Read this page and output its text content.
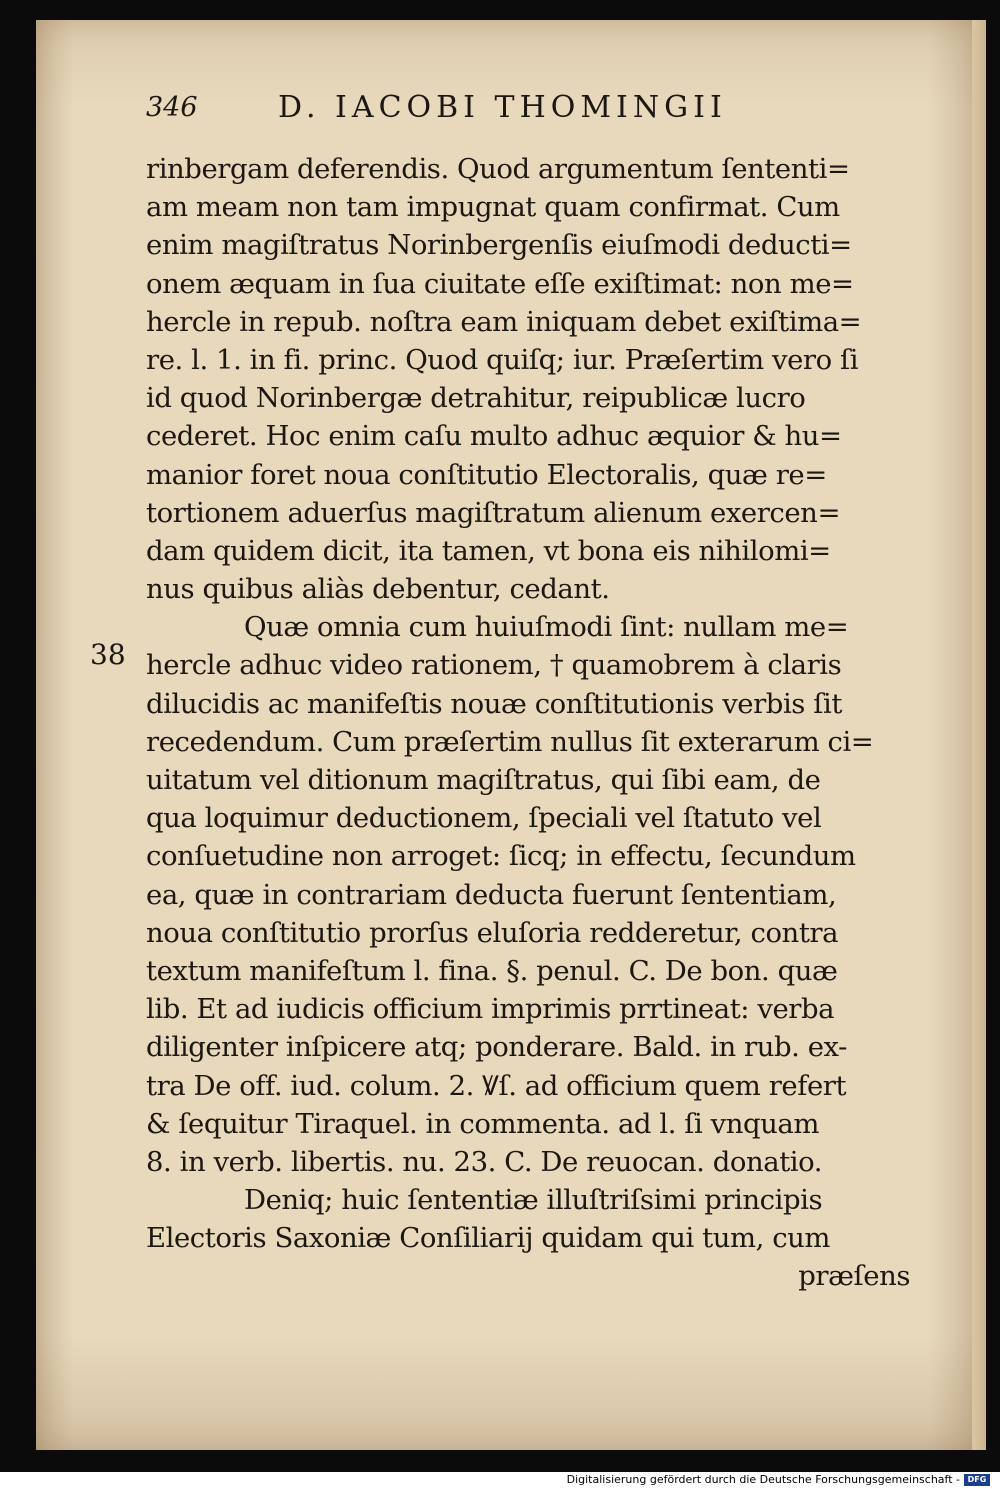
346	D. IACOBI THOMINGII
38
rinbergam deferendis. Quod argumentum ſententi=
am meam non tam impugnat quam confirmat. Cum
enim magiſtratus Norinbergenſis eiuſmodi deducti=
onem æquam in ſua ciuitate eſſe exiſtimat: non me=
hercle in repub. noſtra eam iniquam debet exiſtima=
re. l. 1. in fi. princ. Quod quiſq; iur. Præſertim vero ſi
id quod Norinbergæ detrahitur, reipublicæ lucro
cederet. Hoc enim caſu multo adhuc æquior & hu=
manior foret noua conſtitutio Electoralis, quæ re=
tortionem aduerſus magiſtratum alienum exercen=
dam quidem dicit, ita tamen, vt bona eis nihilomi=
nus quibus aliàs debentur, cedant.
Quæ omnia cum huiuſmodi ſint: nullam me=
hercle adhuc video rationem, † quamobrem à claris
dilucidis ac manifeſtis nouæ conſtitutionis verbis ſit
recedendum. Cum præſertim nullus ſit exterarum ci=
uitatum vel ditionum magiſtratus, qui ſibi eam, de
qua loquimur deductionem, ſpeciali vel ſtatuto vel
conſuetudine non arroget: ſicq; in effectu, ſecundum
ea, quæ in contrariam deducta fuerunt ſententiam,
noua conſtitutio prorſus eluſoria redderetur, contra
textum manifeſtum l. fina. §. penul. C. De bon. quæ
lib. Et ad iudicis officium imprimis prrtineat: verba
diligenter inſpicere atq; ponderare. Bald. in rub. ex-
tra De off. iud. colum. 2. Ꝟſ. ad officium quem refert
& ſequitur Tiraquel. in commenta. ad l. ſi vnquam
8. in verb. libertis. nu. 23. C. De reuocan. donatio.
Deniq; huic ſententiæ illuſtriſsimi principis
Electoris Saxoniæ Conſiliarij quidam qui tum, cum
præſens
Digitalisierung gefördert durch die Deutsche Forschungsgemeinschaft - DFG
